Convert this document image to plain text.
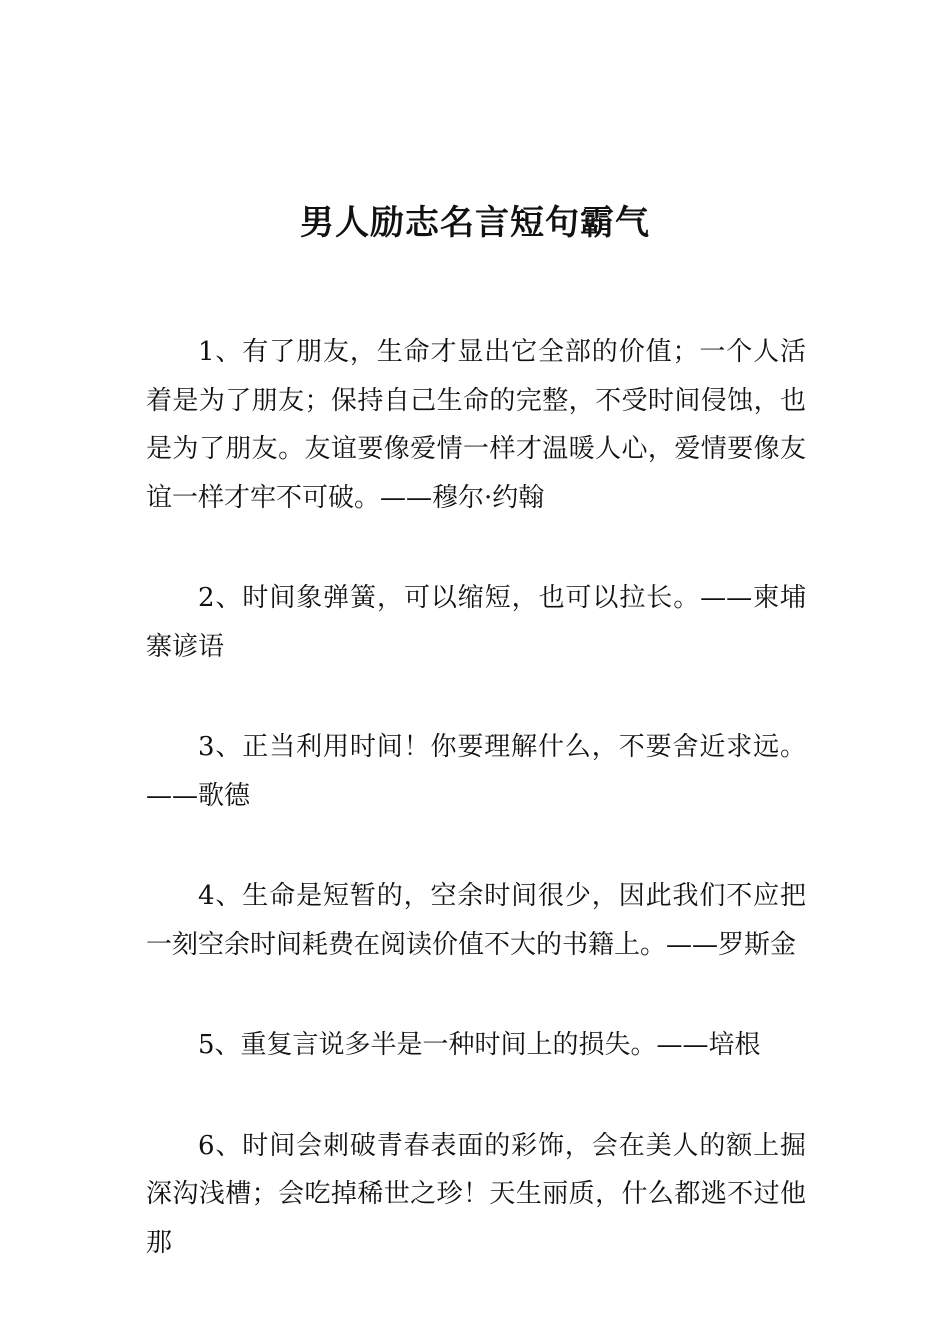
男人励志名言短句霸气

1、有了朋友，生命才显出它全部的价值；一个人活着是为了朋友；保持自己生命的完整，不受时间侵蚀，也是为了朋友。友谊要像爱情一样才温暖人心，爱情要像友谊一样才牢不可破。——穆尔·约翰

2、时间象弹簧，可以缩短，也可以拉长。——柬埔寨谚语

3、正当利用时间！你要理解什么，不要舍近求远。——歌德

4、生命是短暂的，空余时间很少，因此我们不应把一刻空余时间耗费在阅读价值不大的书籍上。——罗斯金

5、重复言说多半是一种时间上的损失。——培根

6、时间会刺破青春表面的彩饰，会在美人的额上掘深沟浅槽；会吃掉稀世之珍！天生丽质，什么都逃不过他那
